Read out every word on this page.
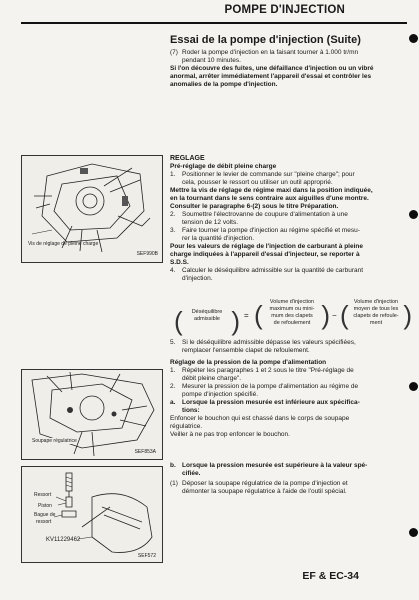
POMPE D'INJECTION
Essai de la pompe d'injection (Suite)
(7) Roder la pompe d'injection en la faisant tourner à 1.000 tr/mn
pendant 10 minutes.
Si l'on découvre des fuites, une défaillance d'injection ou un vibré
anormal, arrêter immédiatement l'appareil d'essai et contrôler les
anomalies de la pompe d'injection.
REGLAGE
Pré-réglage de débit pleine charge
1.	Positionner le levier de commande sur "pleine charge"; pour
cela, pousser le ressort ou utiliser un outil approprié.
Mettre la vis de réglage de régime maxi dans la position indiquée,
en la tournant dans le sens contraire aux aiguilles d'une montre.
Consulter le paragraphe 6-(2) sous le titre Préparation.
2.	Soumettre l'électrovanne de coupure d'alimentation à une
tension de 12 volts.
3.	Faire tourner la pompe d'injection au régime spécifié et mesu-
rer la quantité d'injection.
Pour les valeurs de réglage de l'injection de carburant à pleine
charge indiquées à l'appareil d'essai d'injecteur, se reporter à
S.D.S.
4.	Calculer le déséquilibre admissible sur la quantité de carburant
d'injection.
( )
Déséquilibre
admissible	= ( )
Volume d'injection
maximum ou mini-
mum des clapets
de refoulement
− ( )
Volume d'injection
moyen de tous les
clapets de refoule-
ment
5.	Si le déséquilibre admissible dépasse les valeurs spécifiées,
remplacer l'ensemble clapet de refoulement.
Réglage de la pression de la pompe d'alimentation
1.	Répéter les paragraphes 1 et 2 sous le titre "Pré-réglage de
débit pleine charge".
2.	Mesurer la pression de la pompe d'alimentation au régime de
pompe d'injection spécifié.
a.	Lorsque la pression mesurée est inférieure aux spécifica-
tions:
Enfoncer le bouchon qui est chassé dans le corps de soupape
régulatrice.
Veiller à ne pas trop enfoncer le bouchon.
b. Lorsque la pression mesurée est supérieure à la valeur spé-
cifiée.
(1) Déposer la soupape régulatrice de la pompe d'injection et
démonter la soupape régulatrice à l'aide de l'outil spécial.
Vis de réglage de pleine charge
SEF990B
Soupape régulatrice
SEF853A
Ressort
Piston
Bague de
ressort
KV11229462
SEF572
EF & EC-34
